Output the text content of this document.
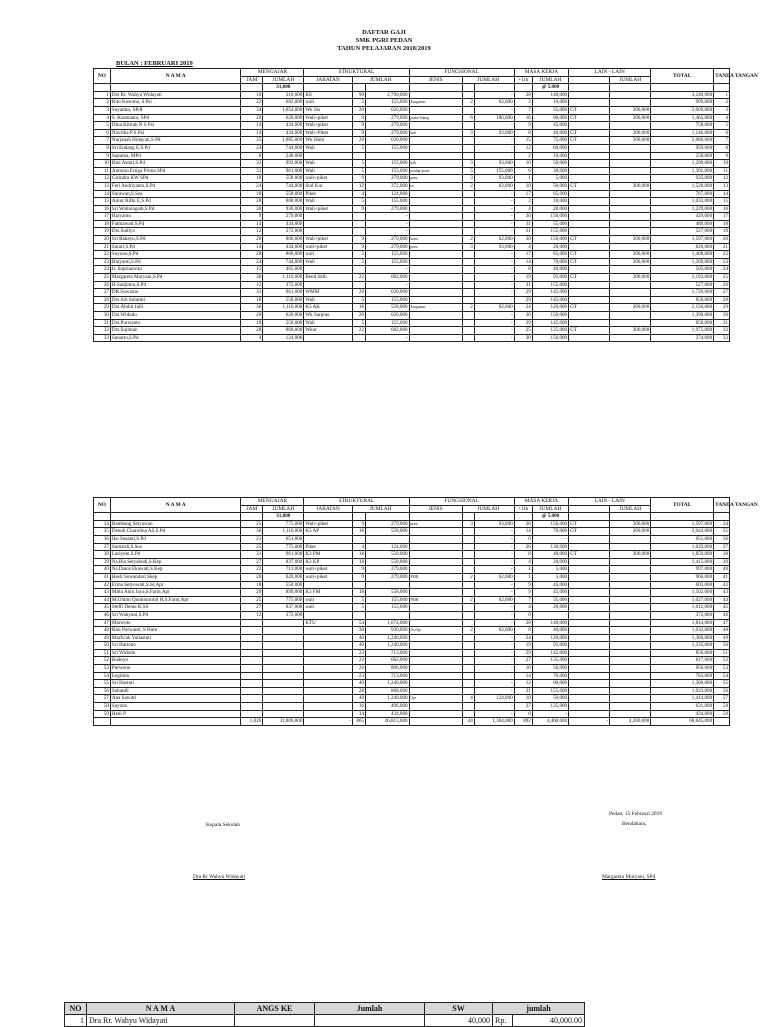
DAFTAR GAJI
SMK PGRI PEDAN
TAHUN PELAJARAN 2018/2019
BULAN : FEBRUARI 2019
NO	N A M A	MENGAJAR		STRUKTURAL			FUNGSIONAL			MASA KERJA		LAIN - LAIN		TOTAL	TANDA TANGAN
		JAM	JUMLAH	JABATAN	JUMLAH		JENIS	JUMLAH		+1th	JUMLAH		JUMLAH		
			31,000								@ 5.000				
1	Drs Rr. Wahyu Widayati	10	310,000	KS	90	2,790,000			-	28	140,000			3,240,000	1
2	Ritu Kusuma, S.Psi	22	682,000	wali	5	155,000	Kurgumas	2	62,000	2	10,000			909,000	2
3	Suyamto, SPdI	34	1,054,000	Wk Sis	20	620,000			-	7	35,000	GT	300,000	2,009,000	3
4	S. Kusmanto, SPd	20	620,000	Wali+piket	9	279,000	prakt+bdang	6	186,000	16	80,000	GT	300,000	1,465,000	4
5	Dina Kitriah N S Psi	14	434,000	Wali+piket	9	279,000			-	9	45,000			758,000	5
6	Novrika P S Psi	14	434,000	Wali+Piket	9	279,000	kali	3	93,000	8	40,000	GT	300,000	1,146,000	6
7	Nurjanah Hidayati,S.Pd	35	1,085,000	Wk Hum	20	620,000			-	15	75,000	GT	300,000	2,080,000	7
8	Sri Endang E,S.Pd	24	744,000	Wali	5	155,000			-	12	60,000			959,000	8
9	Supama, MPd	8	248,000						-	2	10,000			258,000	9
10	Rini Astuti,S.Pd	32	992,000	Wali	5	155,000	kali	3	93,000	10	50,000			1,290,000	10
11	Antonio Ertiga Prima SPd	31	961,000	Wali	5	155,000	madng+prasr	5	155,000	6	30,000			1,301,000	11
12	Girindra KW SPd	18	558,000	wali+piket	9	279,000	prasr	3	93,000	1	5,000			935,000	12
13	Feri Andriyanto,S.Pd	24	744,000	Staf Kur	12	372,000	tis	2	62,000	10	50,000	GT	300,000	1,528,000	13
14	Surawan,S.Sos	18	558,000	Piket	4	124,000			-	17	85,000			767,000	14
15	Ainur Rifki E,S.Pd	28	868,000	Wali	5	155,000			-	2	10,000			1,033,000	15
16	Sri Watiningsih,S.Pd	30	930,000	Wali+piket	9	279,000			-	4	20,000			1,229,000	16
17	Haryanto	9	279,000			-			-	30	150,000			429,000	17
18	Fatmawati,S.Pd	14	434,000			-			-	11	55,000			489,000	18
19	Drs.Sudiyo	12	372,000			-			-	31	155,000			527,000	19
20	Sri Rahayu,S.Pd	26	806,000	Wali+piket	9	279,000	korra	2	62,000	30	150,000	GT	300,000	1,597,000	20
21	Sutari,S.Pd	14	434,000	wali+piket	9	279,000	prasr	3	93,000	4	20,000			826,000	21
22	Suyono,S.Pd	28	868,000	wali	5	155,000			-	17	85,000	GT	300,000	1,408,000	22
23	Haryanti,S.Pd	24	744,000	Wali	5	155,000			-	14	70,000	GT	300,000	1,269,000	23
24	Ir. Suprianwan	15	465,000			-			-	8	40,000			505,000	24
25	Margareta Muryani,S.Pd	36	1,116,000	Bend Sklh	22	682,000			-	19	95,000	GT	300,000	2,193,000	25
26	H.Sadjimin,S.Pd	12	372,000			-			-	31	155,000			527,000	26
27	DR.Suwarno	31	961,000	WMM	20	620,000			-	29	145,000			1,726,000	27
28	Drs.Siti Sularmi	18	558,000	Wali	5	155,000			-	29	145,000			858,000	28
29	Drs.Abdul Jalil	36	1,116,000	K3 AK	18	558,000	Kurgumas	2	62,000	24	120,000	GT	300,000	2,156,000	29
30	Drs.Widodo	20	620,000	Wk Sarpras	20	620,000			-	30	150,000			1,390,000	30
31	Drs.Purwanto	18	558,000	Wali	5	155,000			-	29	145,000			858,000	31
32	Drs.Sujiman	28	868,000	Wkur	22	682,000			-	25	125,000	GT	300,000	1,975,000	32
33	Sunarto,S.Pd	4	124,000			-			-	30	150,000			274,000	33
NO	N A M A	MENGAJAR		STRUKTURAL			FUNGSIONAL			MASA KERJA		LAIN - LAIN		TOTAL	TANDA TANGAN
		JAM	JUMLAH	JABATAN	JUMLAH		JENIS	JUMLAH		+1th	JUMLAH		JUMLAH		
			31,000								@ 5.000				
34	Bambang Setyawan	25	775,000	Wali+piket	9	279,000	prasr	3	93,000	30	150,000	GT	300,000	1,597,000	34
35	Denok Charolina AS,S.Pd	36	1,116,000	K3 AP	18	558,000			-	14	70,000	GT	300,000	2,044,000	35
36	Iko Susanti,S.Pd	21	651,000						-	0	-			651,000	36
37	Sumardi,S.Sos	25	775,000	Piket	4	124,000			-	26	130,000			1,029,000	37
38	Lasiyem,S.Pd	31	961,000	K3 PM	18	558,000			-	8	40,000	GT	300,000	1,859,000	38
39	Ns.Ria Setyabudi,S.Kep	27	837,000	K3 KP	18	558,000			-	4	20,000			1,415,000	39
40	Ns.Danis Ekawati,S.Kep	23	713,000	wali+piket	9	279,000			-	1	5,000			997,000	40
41	Hesti Suwandari Skep	20	620,000	wali+piket	9	279,000	PMR	2	62,000	1	5,000			966,000	41
42	Erma Setyowati,S.Si,Apt	18	558,000						-	9	45,000			603,000	42
43	Mitta Anin Jaya,S.Farm,Apt	29	899,000	K3 FM	18	558,000			-	9	45,000			1,502,000	43
44	M.Ummi Qomtonrobil H,S.Farm,Apt	25	775,000	wali	5	155,000	PMR	2	62,000	7	35,000			1,027,000	44
45	Steffi Denie K,SS	27	837,000	wali	5	155,000			-	4	20,000			1,012,000	45
46	Sri Wahyuni,S.Pd	12	372,000						-	0	-			372,000	46
47	Marwoto			KTU	54	1,674,000			-	28	140,000			1,814,000	47
48	Rini Purwanti, S Hum				30	930,000	As.Opr	2	62,000	8	40,000			1,032,000	48
49	Marfu'ah Yuliastuti				40	1,240,000			-	24	120,000			1,360,000	49
50	Sri Hartono				40	1,240,000			-	19	95,000			1,335,000	50
51	Sri Widodo				23	713,000			-	29	145,000			858,000	51
52	Budoyo				22	682,000			-	27	135,000			817,000	52
53	Purwono				26	806,000			-	10	50,000			856,000	53
54	Legimin				23	713,000			-	14	70,000			783,000	54
55	Sri Hastuti				40	1,240,000			-	12	60,000			1,300,000	55
56	Subandi				28	868,000			-	31	155,000			1,023,000	56
57	Ana Sawitri				40	1,240,000	Opr	4	124,000	10	50,000			1,414,000	57
58	Sayono				16	496,000			-	27	135,000			631,000	58
59	Heni P				14	434,000			-	0	-			434,000	59
		1,026	31,806,000	-	865	26,815,000		44	1,364,000	892	4,460,000	-	4,200,000	68,645,000	
Pedan, 15 Februari 2019
Kepala Sekolah	Bendahara,
Dra Rr Wahyu Widayati	Margareta Muryani, SPd
NO	N A M A	ANGS KE	Jumlah	SW	jumlah	
1	Dra Rr. Wahyu Widayati			40,000	Rp.	40,000.00
